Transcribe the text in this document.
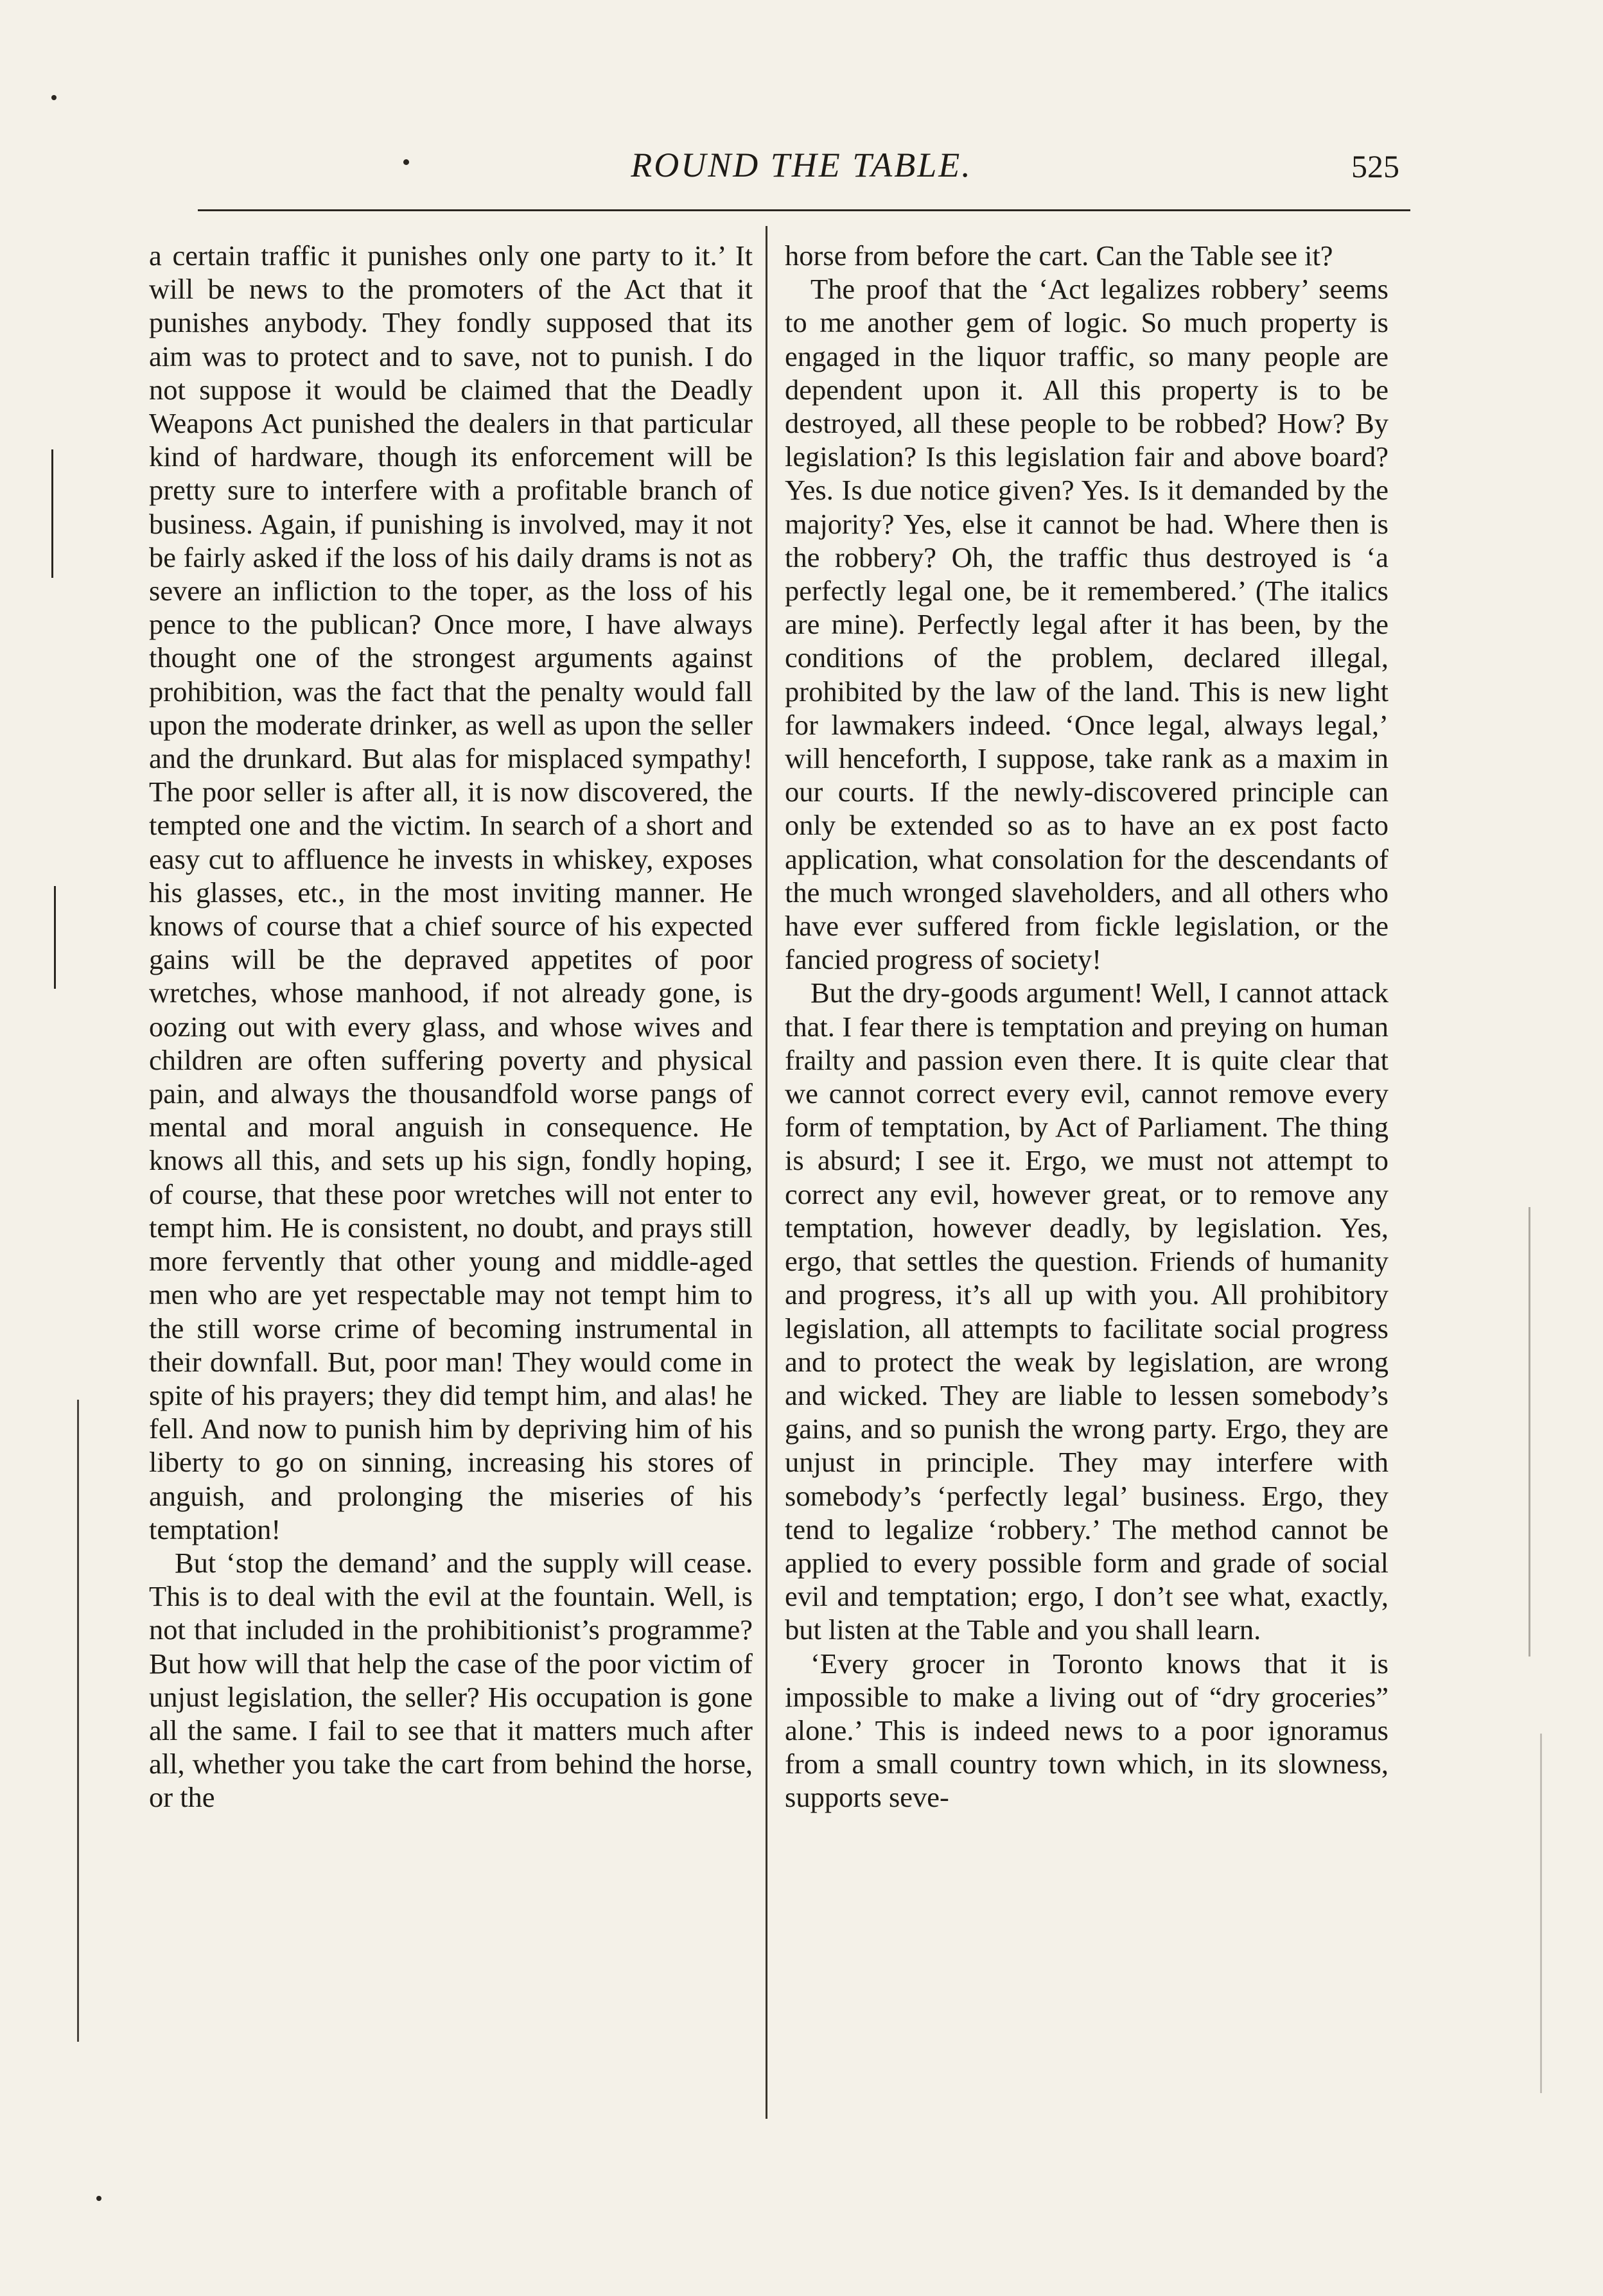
ROUND THE TABLE.	525

a certain traffic it punishes only one party to it.’ It will be news to the promoters of the Act that it punishes anybody. They fondly supposed that its aim was to protect and to save, not to punish. I do not suppose it would be claimed that the Deadly Weapons Act punished the dealers in that particular kind of hardware, though its enforcement will be pretty sure to interfere with a profitable branch of business. Again, if punishing is involved, may it not be fairly asked if the loss of his daily drams is not as severe an infliction to the toper, as the loss of his pence to the publican? Once more, I have always thought one of the strongest arguments against prohibition, was the fact that the penalty would fall upon the moderate drinker, as well as upon the seller and the drunkard. But alas for misplaced sympathy! The poor seller is after all, it is now discovered, the tempted one and the victim. In search of a short and easy cut to affluence he invests in whiskey, exposes his glasses, etc., in the most inviting manner. He knows of course that a chief source of his expected gains will be the depraved appetites of poor wretches, whose manhood, if not already gone, is oozing out with every glass, and whose wives and children are often suffering poverty and physical pain, and always the thousandfold worse pangs of mental and moral anguish in consequence. He knows all this, and sets up his sign, fondly hoping, of course, that these poor wretches will not enter to tempt him. He is consistent, no doubt, and prays still more fervently that other young and middle-aged men who are yet respectable may not tempt him to the still worse crime of becoming instrumental in their downfall. But, poor man! They would come in spite of his prayers; they did tempt him, and alas! he fell. And now to punish him by depriving him of his liberty to go on sinning, increasing his stores of anguish, and prolonging the miseries of his temptation!

But ‘stop the demand’ and the supply will cease. This is to deal with the evil at the fountain. Well, is not that included in the prohibitionist’s programme? But how will that help the case of the poor victim of unjust legislation, the seller? His occupation is gone all the same. I fail to see that it matters much after all, whether you take the cart from behind the horse, or the

horse from before the cart. Can the Table see it?

The proof that the ‘Act legalizes robbery’ seems to me another gem of logic. So much property is engaged in the liquor traffic, so many people are dependent upon it. All this property is to be destroyed, all these people to be robbed? How? By legislation? Is this legislation fair and above board? Yes. Is due notice given? Yes. Is it demanded by the majority? Yes, else it cannot be had. Where then is the robbery? Oh, the traffic thus destroyed is ‘a perfectly legal one, be it remembered.’ (The italics are mine). Perfectly legal after it has been, by the conditions of the problem, declared illegal, prohibited by the law of the land. This is new light for lawmakers indeed. ‘Once legal, always legal,’ will henceforth, I suppose, take rank as a maxim in our courts. If the newly-discovered principle can only be extended so as to have an ex post facto application, what consolation for the descendants of the much wronged slaveholders, and all others who have ever suffered from fickle legislation, or the fancied progress of society!

But the dry-goods argument! Well, I cannot attack that. I fear there is temptation and preying on human frailty and passion even there. It is quite clear that we cannot correct every evil, cannot remove every form of temptation, by Act of Parliament. The thing is absurd; I see it. Ergo, we must not attempt to correct any evil, however great, or to remove any temptation, however deadly, by legislation. Yes, ergo, that settles the question. Friends of humanity and progress, it’s all up with you. All prohibitory legislation, all attempts to facilitate social progress and to protect the weak by legislation, are wrong and wicked. They are liable to lessen somebody’s gains, and so punish the wrong party. Ergo, they are unjust in principle. They may interfere with somebody’s ‘perfectly legal’ business. Ergo, they tend to legalize ‘robbery.’ The method cannot be applied to every possible form and grade of social evil and temptation; ergo, I don’t see what, exactly, but listen at the Table and you shall learn.

‘Every grocer in Toronto knows that it is impossible to make a living out of “dry groceries” alone.’ This is indeed news to a poor ignoramus from a small country town which, in its slowness, supports seve-
